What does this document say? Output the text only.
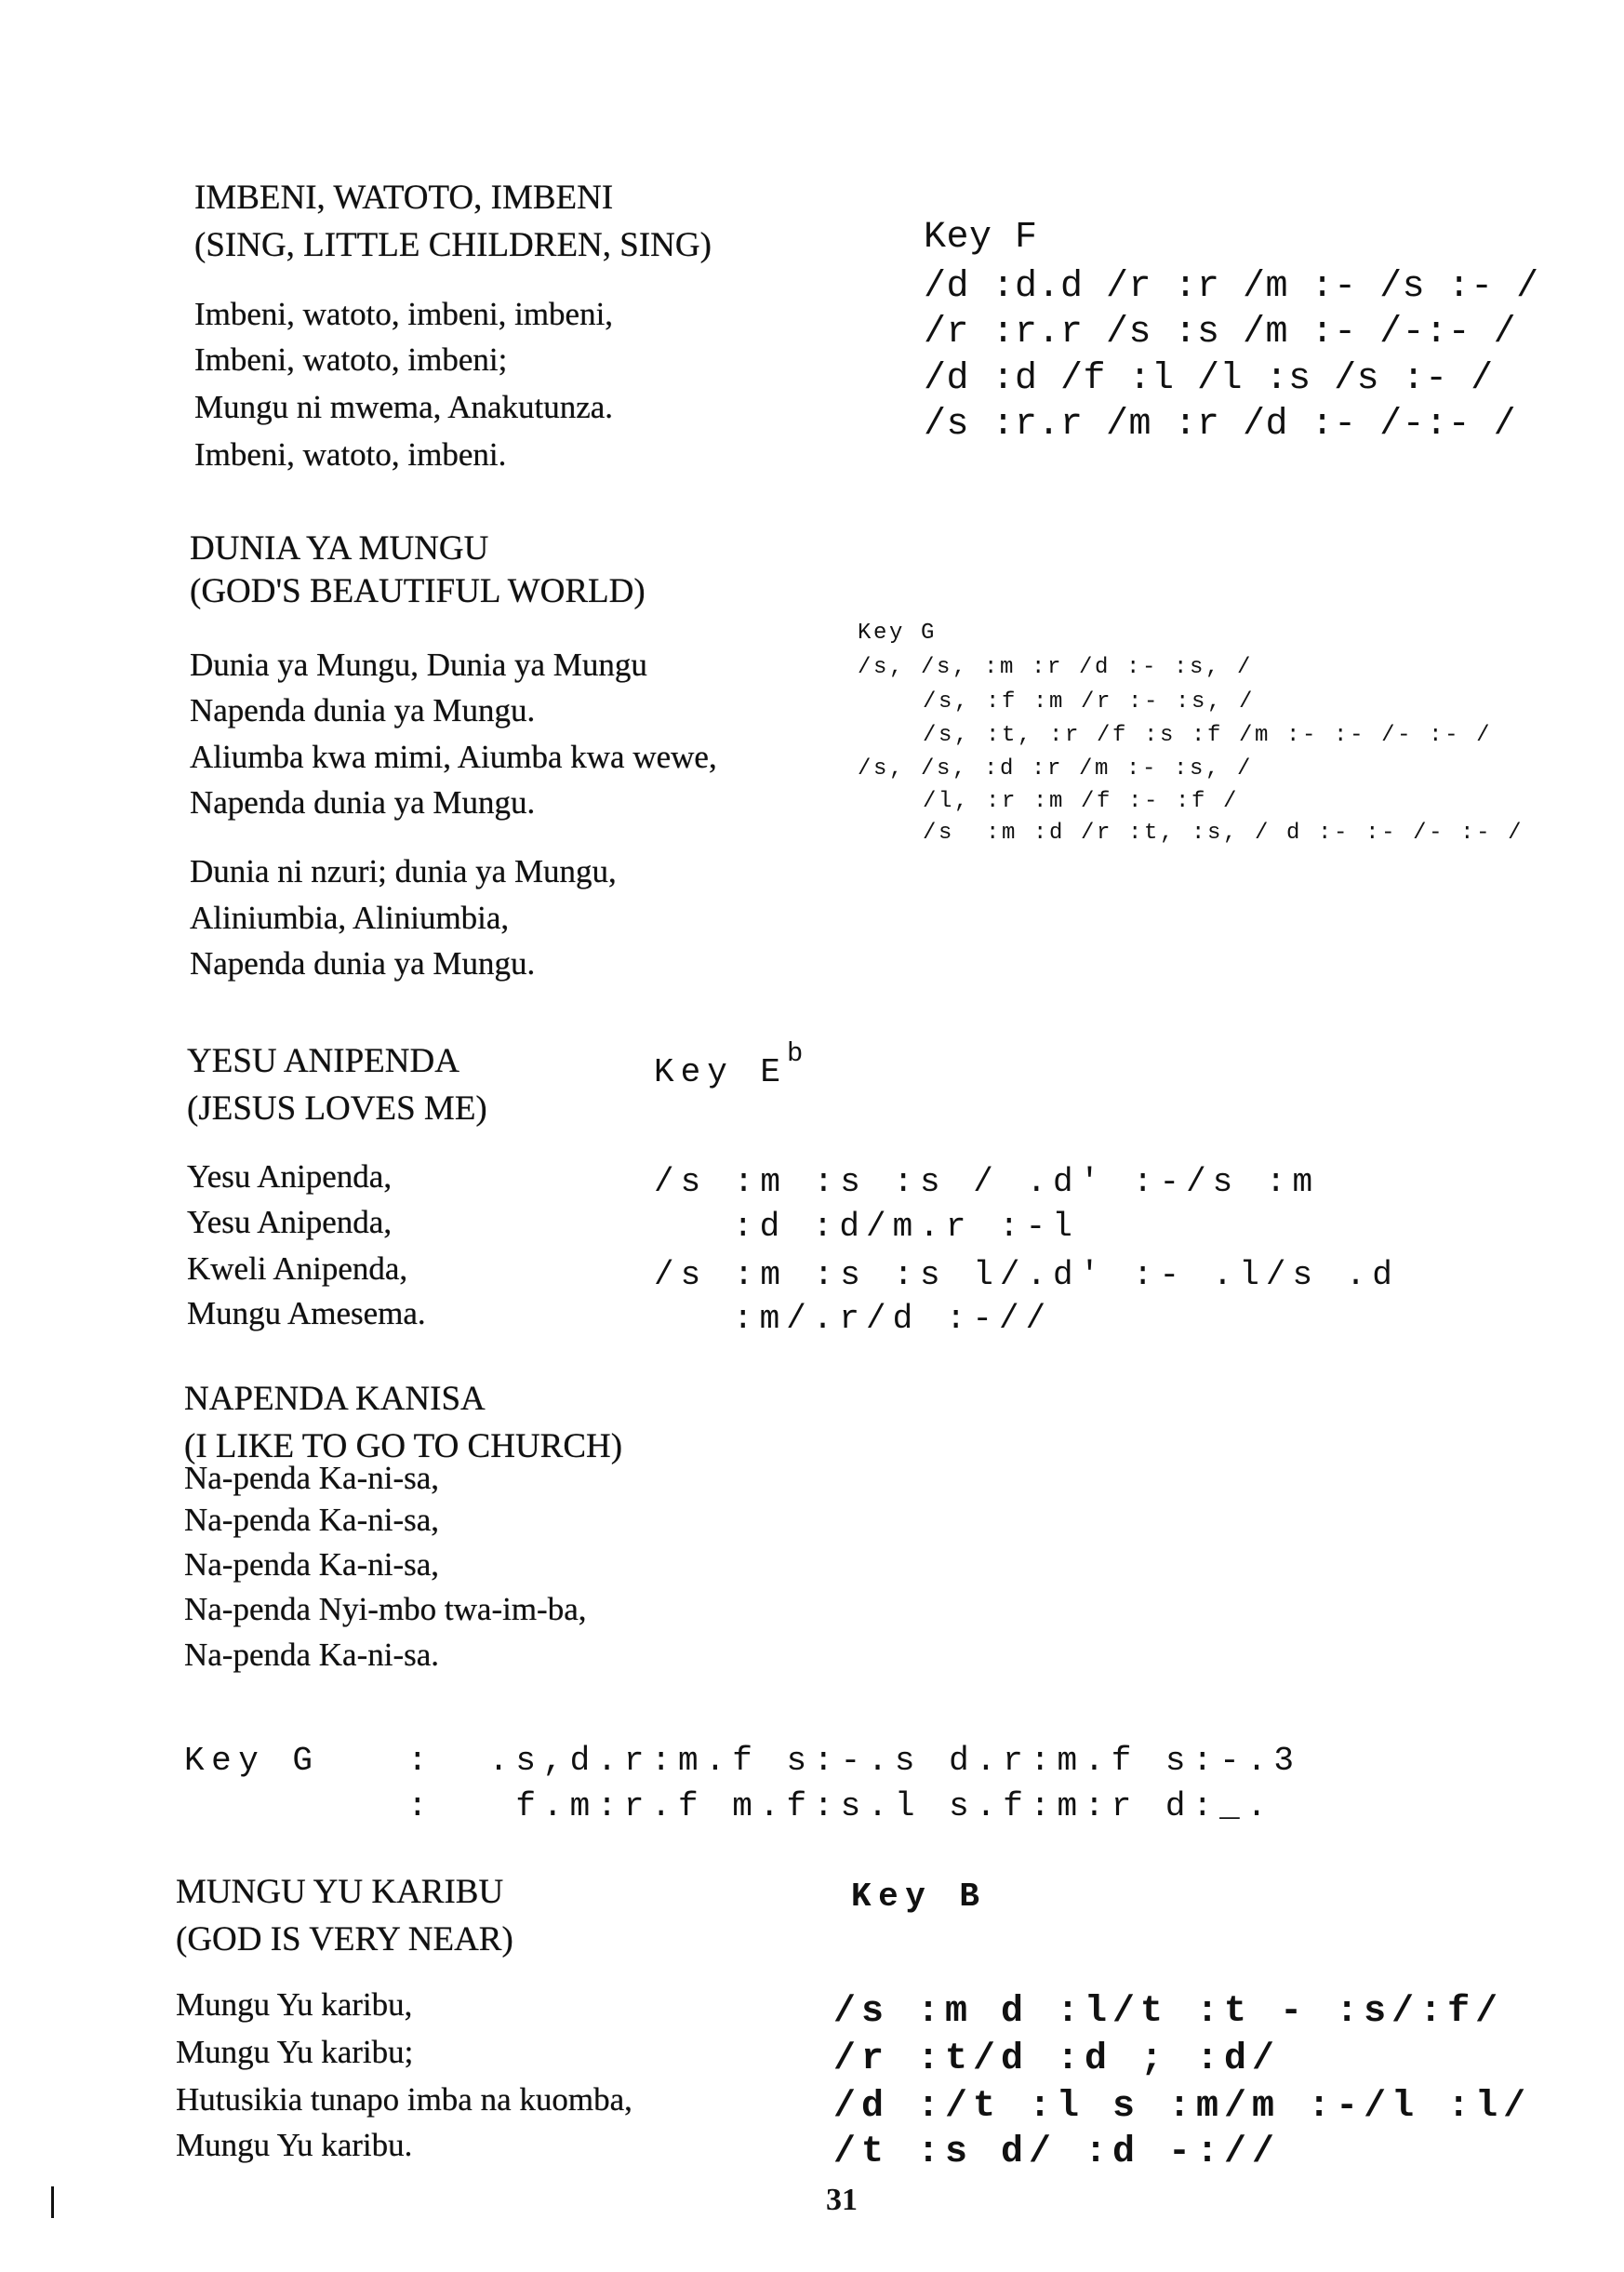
IMBENI, WATOTO, IMBENI
(SING, LITTLE CHILDREN, SING)
Imbeni, watoto, imbeni, imbeni,
Imbeni, watoto, imbeni;
Mungu ni mwema, Anakutunza.
Imbeni, watoto, imbeni.
Key F
/d :d.d /r :r /m :- /s :- /
/r :r.r /s :s /m :- /-:- /
/d :d /f :l /l :s /s :- /
/s :r.r /m :r /d :- /-:- /
DUNIA YA MUNGU
(GOD'S BEAUTIFUL WORLD)
Dunia ya Mungu, Dunia ya Mungu
Napenda dunia ya Mungu.
Aliumba kwa mimi, Aiumba kwa wewe,
Napenda dunia ya Mungu.
Dunia ni nzuri; dunia ya Mungu,
Aliniumbia, Aliniumbia,
Napenda dunia ya Mungu.
Key G
/s, /s, :m :r /d :- :s, /
/s, :f :m /r :- :s, /
/s, :t, :r /f :s :f /m :- :- /- :- /
/s, /s, :d :r /m :- :s, /
/l, :r :m /f :- :f /
/s  :m :d /r :t, :s, / d :- :- /- :- /
YESU ANIPENDA
(JESUS LOVES ME)
Yesu Anipenda,
Yesu Anipenda,
Kweli Anipenda,
Mungu Amesema.
Key $E^b$
/s :m :s :s / .d' :-/s :m
:d :d/m.r :-l
/s :m :s :s l/.d' :- .l/s .d
:m/.r/d :-//
NAPENDA KANISA
(I LIKE TO GO TO CHURCH)
Na-penda Ka-ni-sa,
Na-penda Ka-ni-sa,
Na-penda Ka-ni-sa,
Na-penda Nyi-mbo twa-im-ba,
Na-penda Ka-ni-sa.
Key G	:  .s,d.r:m.f s:-.s d.r:m.f s:-.3
:   f.m:r.f m.f:s.l s.f:m:r d:_.
MUNGU YU KARIBU
(GOD IS VERY NEAR)
Mungu Yu karibu,
Mungu Yu karibu;
Hutusikia tunapo imba na kuomba,
Mungu Yu karibu.
Key B
/s :m d :l/t :t - :s/:f/
/r :t/d :d ; :d/
/d :/t :l s :m/m :-/l :l/
/t :s d/ :d -://
31
